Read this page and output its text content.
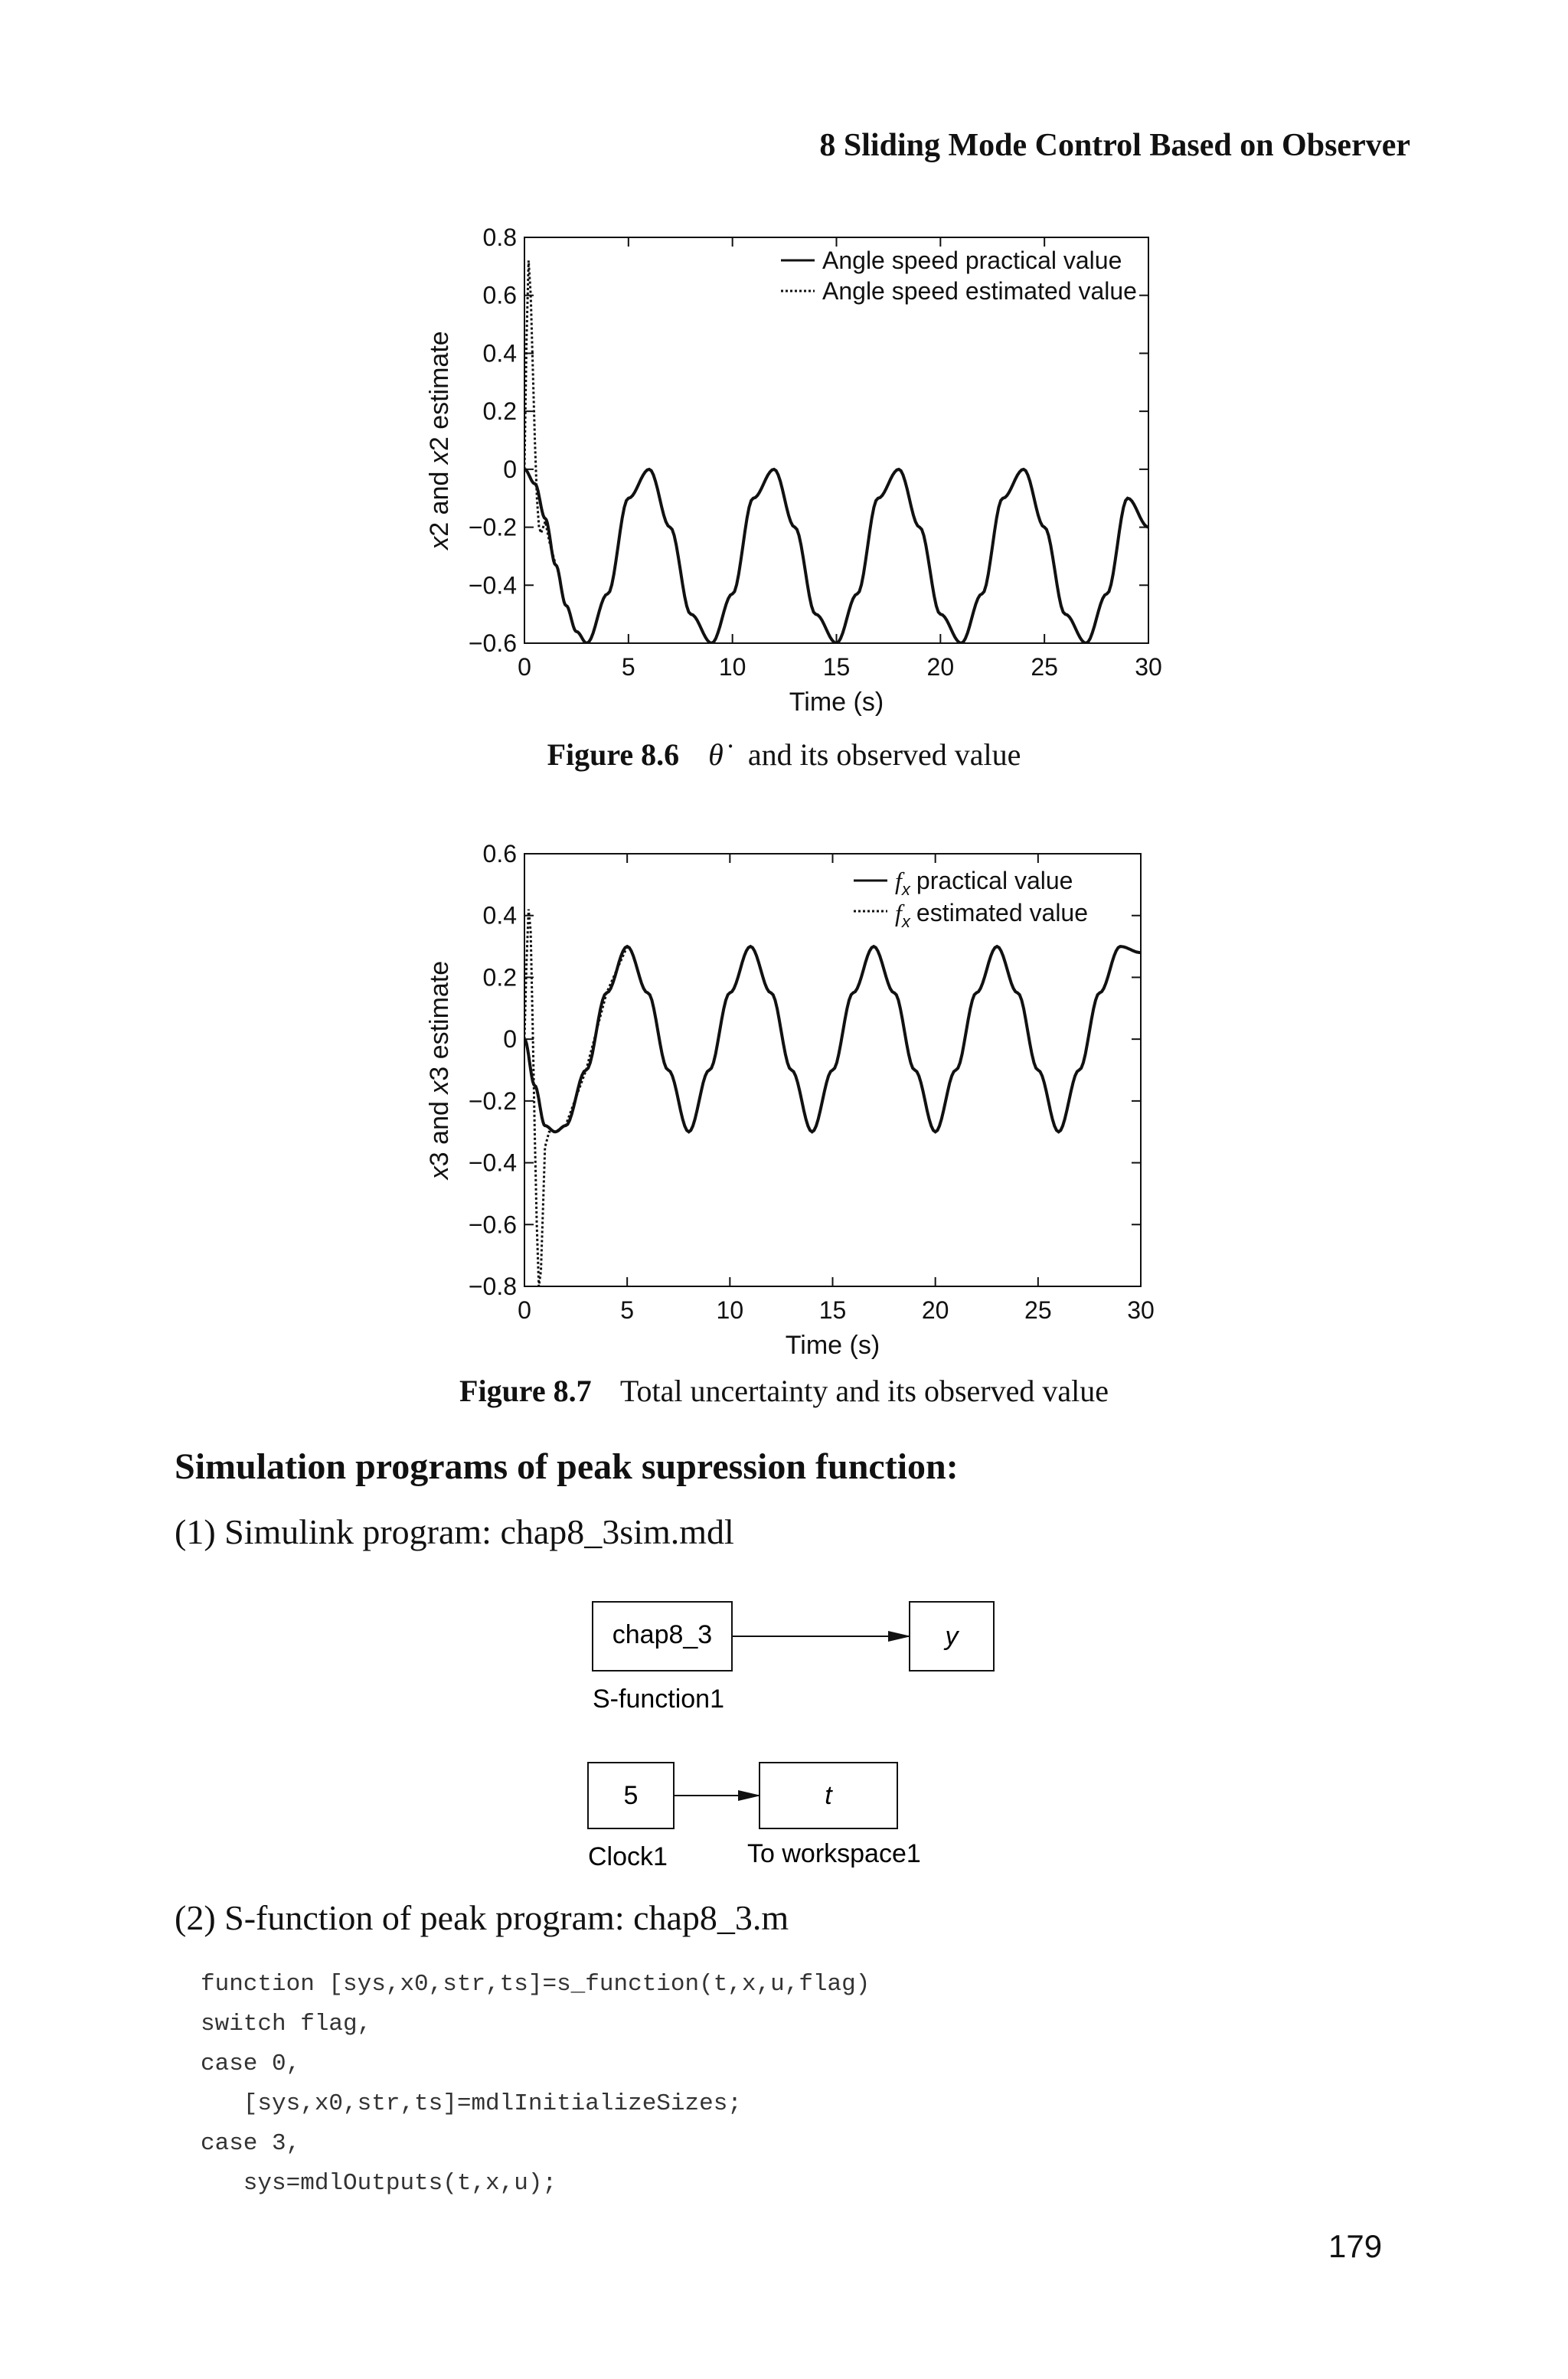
8 Sliding Mode Control Based on Observer
0	5	10	15	20	25	30
0.8
0.6
0.4
0.2
0
−0.2
−0.4
−0.6
Time (s)
x2 and x2 estimate
Angle speed practical value
Angle speed estimated value
Figure 8.6 θ̇ and its observed value
0	5	10	15	20	25	30
0.6
0.4
0.2
0
−0.2
−0.4
−0.6
−0.8
Time (s)
x3 and x3 estimate
$f_x$ practical value
$f_x$ estimated value
Figure 8.7 Total uncertainty and its observed value
Simulation programs of peak supression function:
(1) Simulink program: chap8_3sim.mdl
chap8_3
S-function1
y
5
Clock1
t
To workspace1
(2) S-function of peak program: chap8_3.m
function [sys,x0,str,ts]=s_function(t,x,u,flag)
switch flag,
case 0,
[sys,x0,str,ts]=mdlInitializeSizes;
case 3,
sys=mdlOutputs(t,x,u);
179
